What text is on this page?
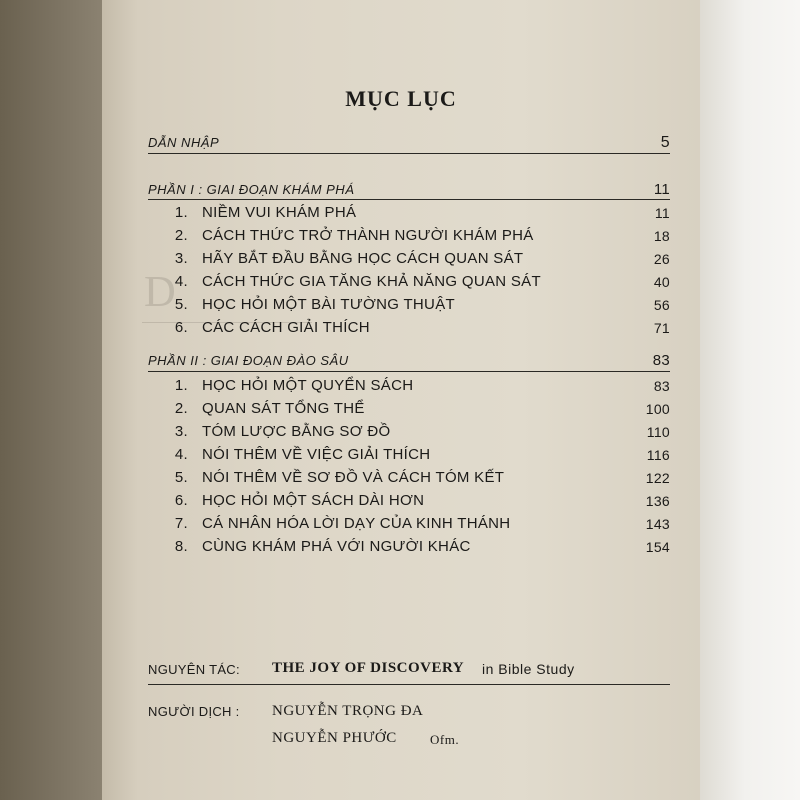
D
MỤC LỤC
DẪN NHẬP	5
PHẦN I : GIAI ĐOẠN KHÁM PHÁ	11
1. NIỀM VUI KHÁM PHÁ	11
2. CÁCH THỨC TRỞ THÀNH NGƯỜI KHÁM PHÁ	18
3. HÃY BẮT ĐẦU BẰNG HỌC CÁCH QUAN SÁT	26
4. CÁCH THỨC GIA TĂNG KHẢ NĂNG QUAN SÁT	40
5. HỌC HỎI MỘT BÀI TƯỜNG THUẬT	56
6. CÁC CÁCH GIẢI THÍCH	71
PHẦN II : GIAI ĐOẠN ĐÀO SÂU	83
1. HỌC HỎI MỘT QUYỂN SÁCH	83
2. QUAN SÁT TỔNG THỂ	100
3. TÓM LƯỢC BẰNG SƠ ĐỒ	110
4. NÓI THÊM VỀ VIỆC GIẢI THÍCH	116
5. NÓI THÊM VỀ SƠ ĐỒ VÀ CÁCH TÓM KẾT	122
6. HỌC HỎI MỘT SÁCH DÀI HƠN	136
7. CÁ NHÂN HÓA LỜI DẠY CỦA KINH THÁNH	143
8. CÙNG KHÁM PHÁ VỚI NGƯỜI KHÁC	154
NGUYÊN TÁC: THE JOY OF DISCOVERY in Bible Study
NGƯỜI DỊCH : NGUYỄN TRỌNG ĐA
NGUYỄN PHƯỚC	Ofm.
